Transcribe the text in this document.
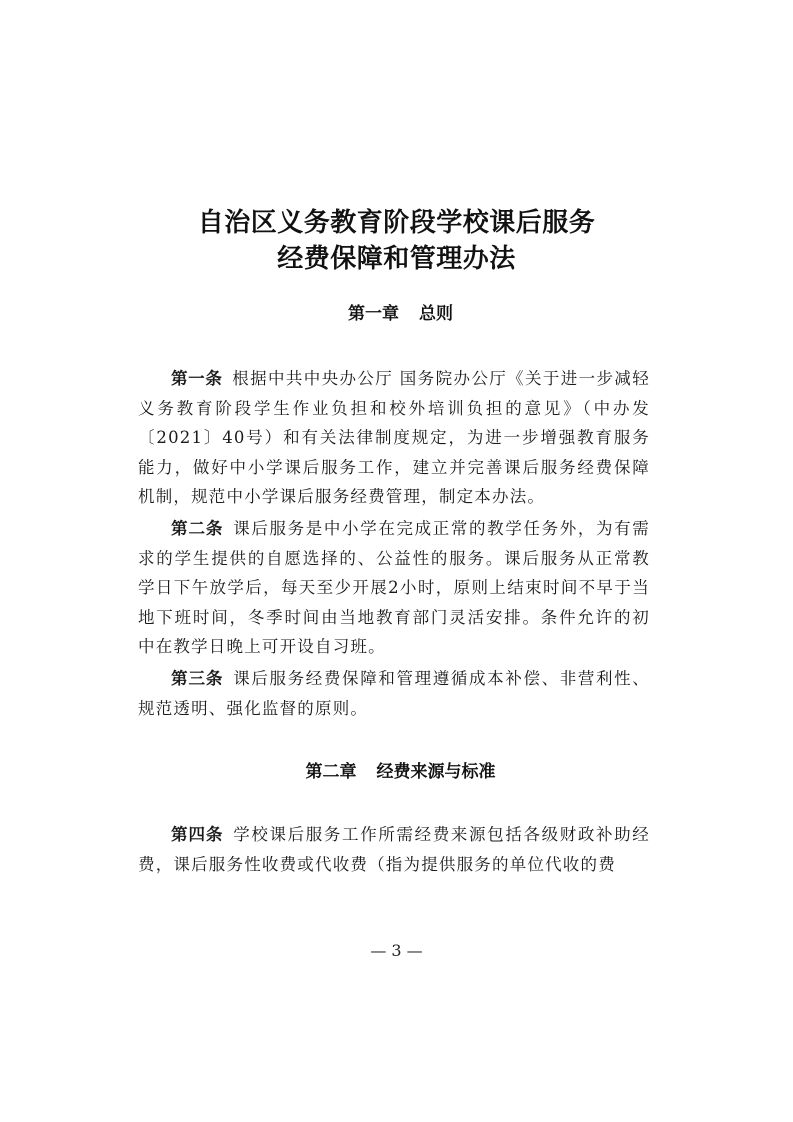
自治区义务教育阶段学校课后服务
经费保障和管理办法
第一章 总则
第一条  根据中共中央办公厅 国务院办公厅《关于进一步减轻义务教育阶段学生作业负担和校外培训负担的意见》（中办发〔2021〕40号）和有关法律制度规定，为进一步增强教育服务能力，做好中小学课后服务工作，建立并完善课后服务经费保障机制，规范中小学课后服务经费管理，制定本办法。
第二条  课后服务是中小学在完成正常的教学任务外，为有需求的学生提供的自愿选择的、公益性的服务。课后服务从正常教学日下午放学后，每天至少开展2小时，原则上结束时间不早于当地下班时间，冬季时间由当地教育部门灵活安排。条件允许的初中在教学日晚上可开设自习班。
第三条  课后服务经费保障和管理遵循成本补偿、非营利性、规范透明、强化监督的原则。
第二章 经费来源与标准
第四条  学校课后服务工作所需经费来源包括各级财政补助经费，课后服务性收费或代收费（指为提供服务的单位代收的费
— 3 —
